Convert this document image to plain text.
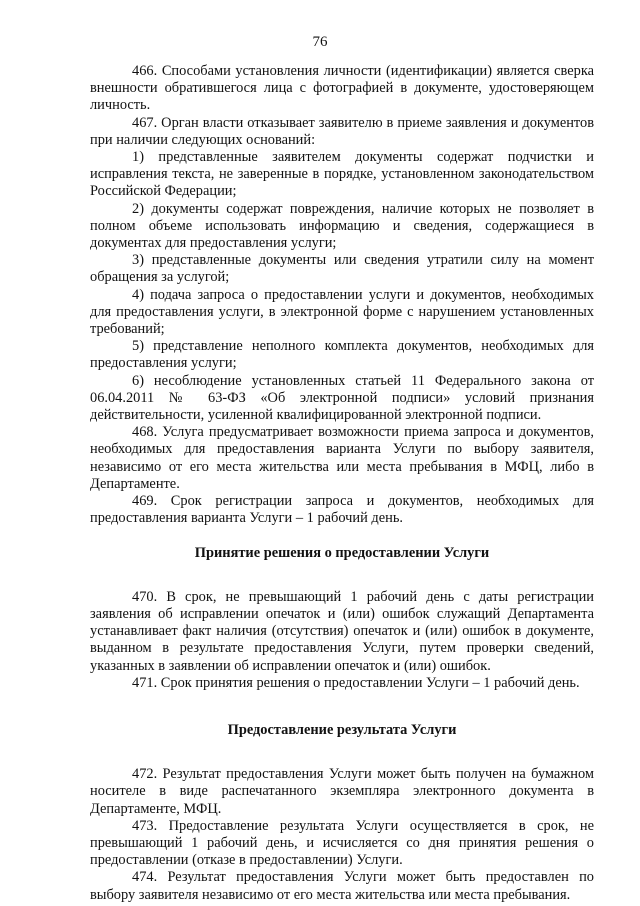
76

466. Способами установления личности (идентификации) является сверка внешности обратившегося лица с фотографией в документе, удостоверяющем личность.

467. Орган власти отказывает заявителю в приеме заявления и документов при наличии следующих оснований:

1) представленные заявителем документы содержат подчистки и исправления текста, не заверенные в порядке, установленном законодательством Российской Федерации;

2) документы содержат повреждения, наличие которых не позволяет в полном объеме использовать информацию и сведения, содержащиеся в документах для предоставления услуги;

3) представленные документы или сведения утратили силу на момент обращения за услугой;

4) подача запроса о предоставлении услуги и документов, необходимых для предоставления услуги, в электронной форме с нарушением установленных требований;

5) представление неполного комплекта документов, необходимых для предоставления услуги;

6) несоблюдение установленных статьей 11 Федерального закона от 06.04.2011 № 63-ФЗ «Об электронной подписи» условий признания действительности, усиленной квалифицированной электронной подписи.

468. Услуга предусматривает возможности приема запроса и документов, необходимых для предоставления варианта Услуги по выбору заявителя, независимо от его места жительства или места пребывания в МФЦ, либо в Департаменте.

469. Срок регистрации запроса и документов, необходимых для предоставления варианта Услуги – 1 рабочий день.

Принятие решения о предоставлении Услуги

470. В срок, не превышающий 1 рабочий день с даты регистрации заявления об исправлении опечаток и (или) ошибок служащий Департамента устанавливает факт наличия (отсутствия) опечаток и (или) ошибок в документе, выданном в результате предоставления Услуги, путем проверки сведений, указанных в заявлении об исправлении опечаток и (или) ошибок.

471. Срок принятия решения о предоставлении Услуги – 1 рабочий день.

Предоставление результата Услуги

472. Результат предоставления Услуги может быть получен на бумажном носителе в виде распечатанного экземпляра электронного документа в Департаменте, МФЦ.

473. Предоставление результата Услуги осуществляется в срок, не превышающий 1 рабочий день, и исчисляется со дня принятия решения о предоставлении (отказе в предоставлении) Услуги.

474. Результат предоставления Услуги может быть предоставлен по выбору заявителя независимо от его места жительства или места пребывания.
